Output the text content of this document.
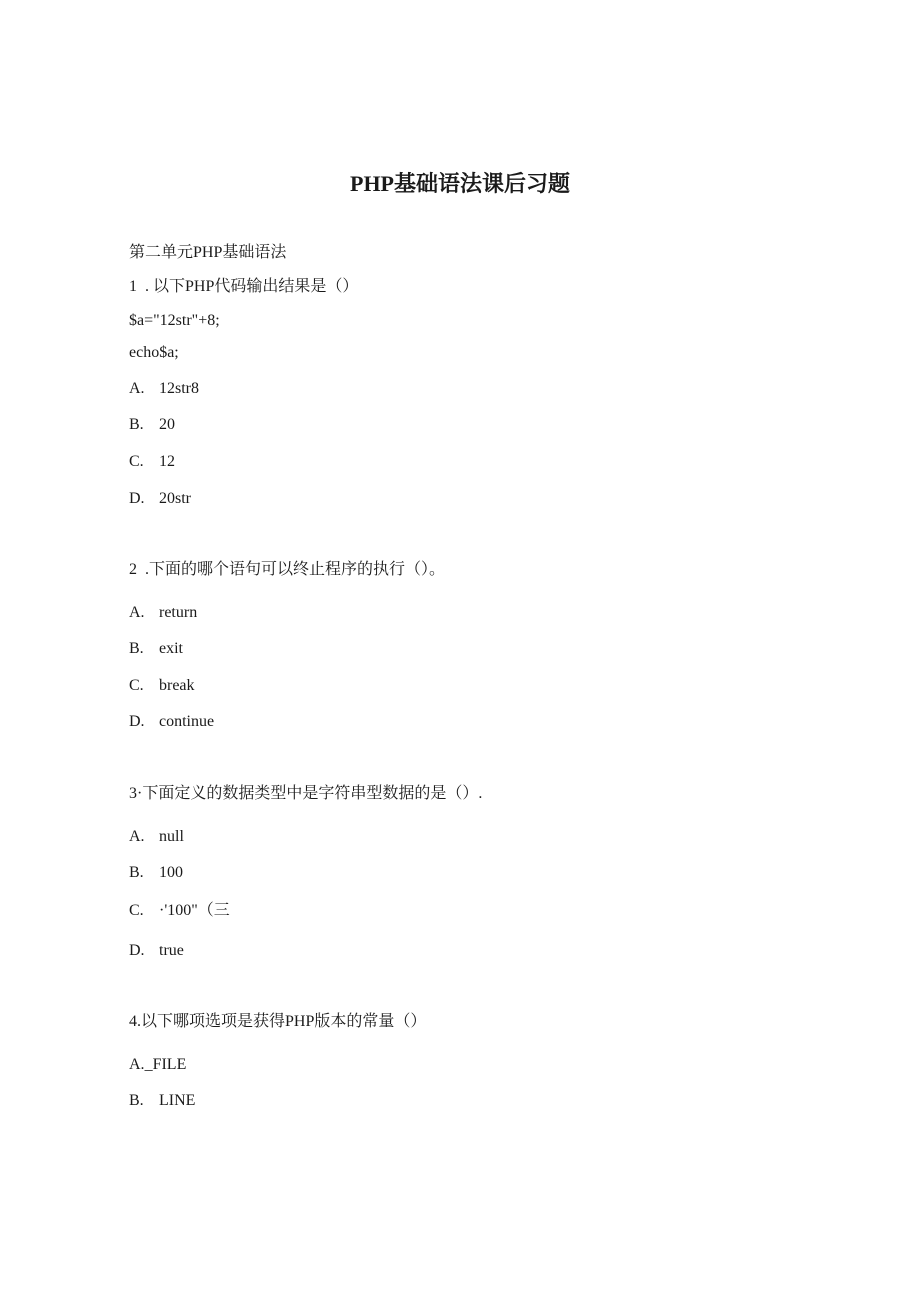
PHP基础语法课后习题
第二单元PHP基础语法
1  . 以下PHP代码输出结果是（）
$a="12str"+8;
echo$a;
A. 12str8
B. 20
C. 12
D. 20str
2  .下面的哪个语句可以终止程序的执行（）。
A. return
B. exit
C. break
D. continue
3·下面定义的数据类型中是字符串型数据的是（）.
A. null
B. 100
C. ·'100"（三
D. true
4.以下哪项选项是获得PHP版本的常量（）
A._FILE
B. LINE
